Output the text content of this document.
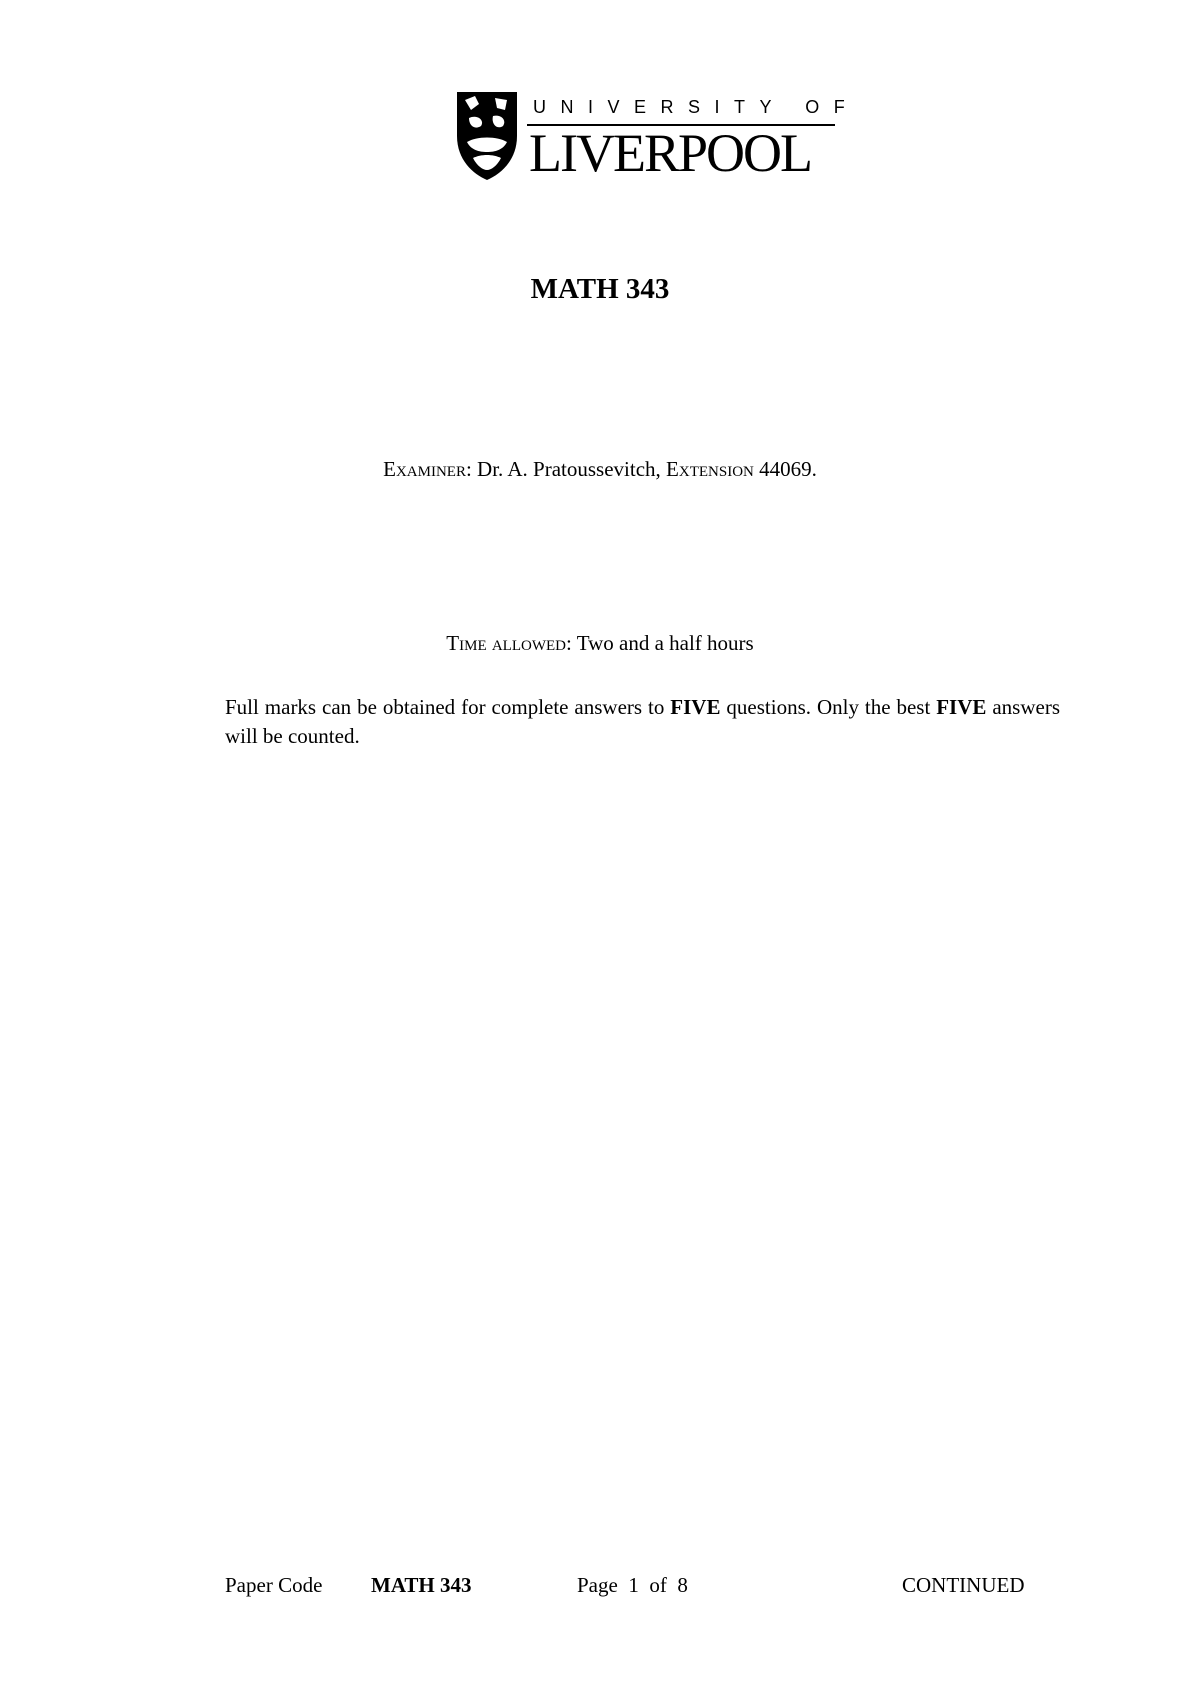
UNIVERSITY OF
LIVERPOOL
MATH 343
Examiner: Dr. A. Pratoussevitch, Extension 44069.
Time allowed: Two and a half hours
Full marks can be obtained for complete answers to FIVE questions. Only the best FIVE answers will be counted.
Paper Code MATH 343	Page 1 of 8	CONTINUED
